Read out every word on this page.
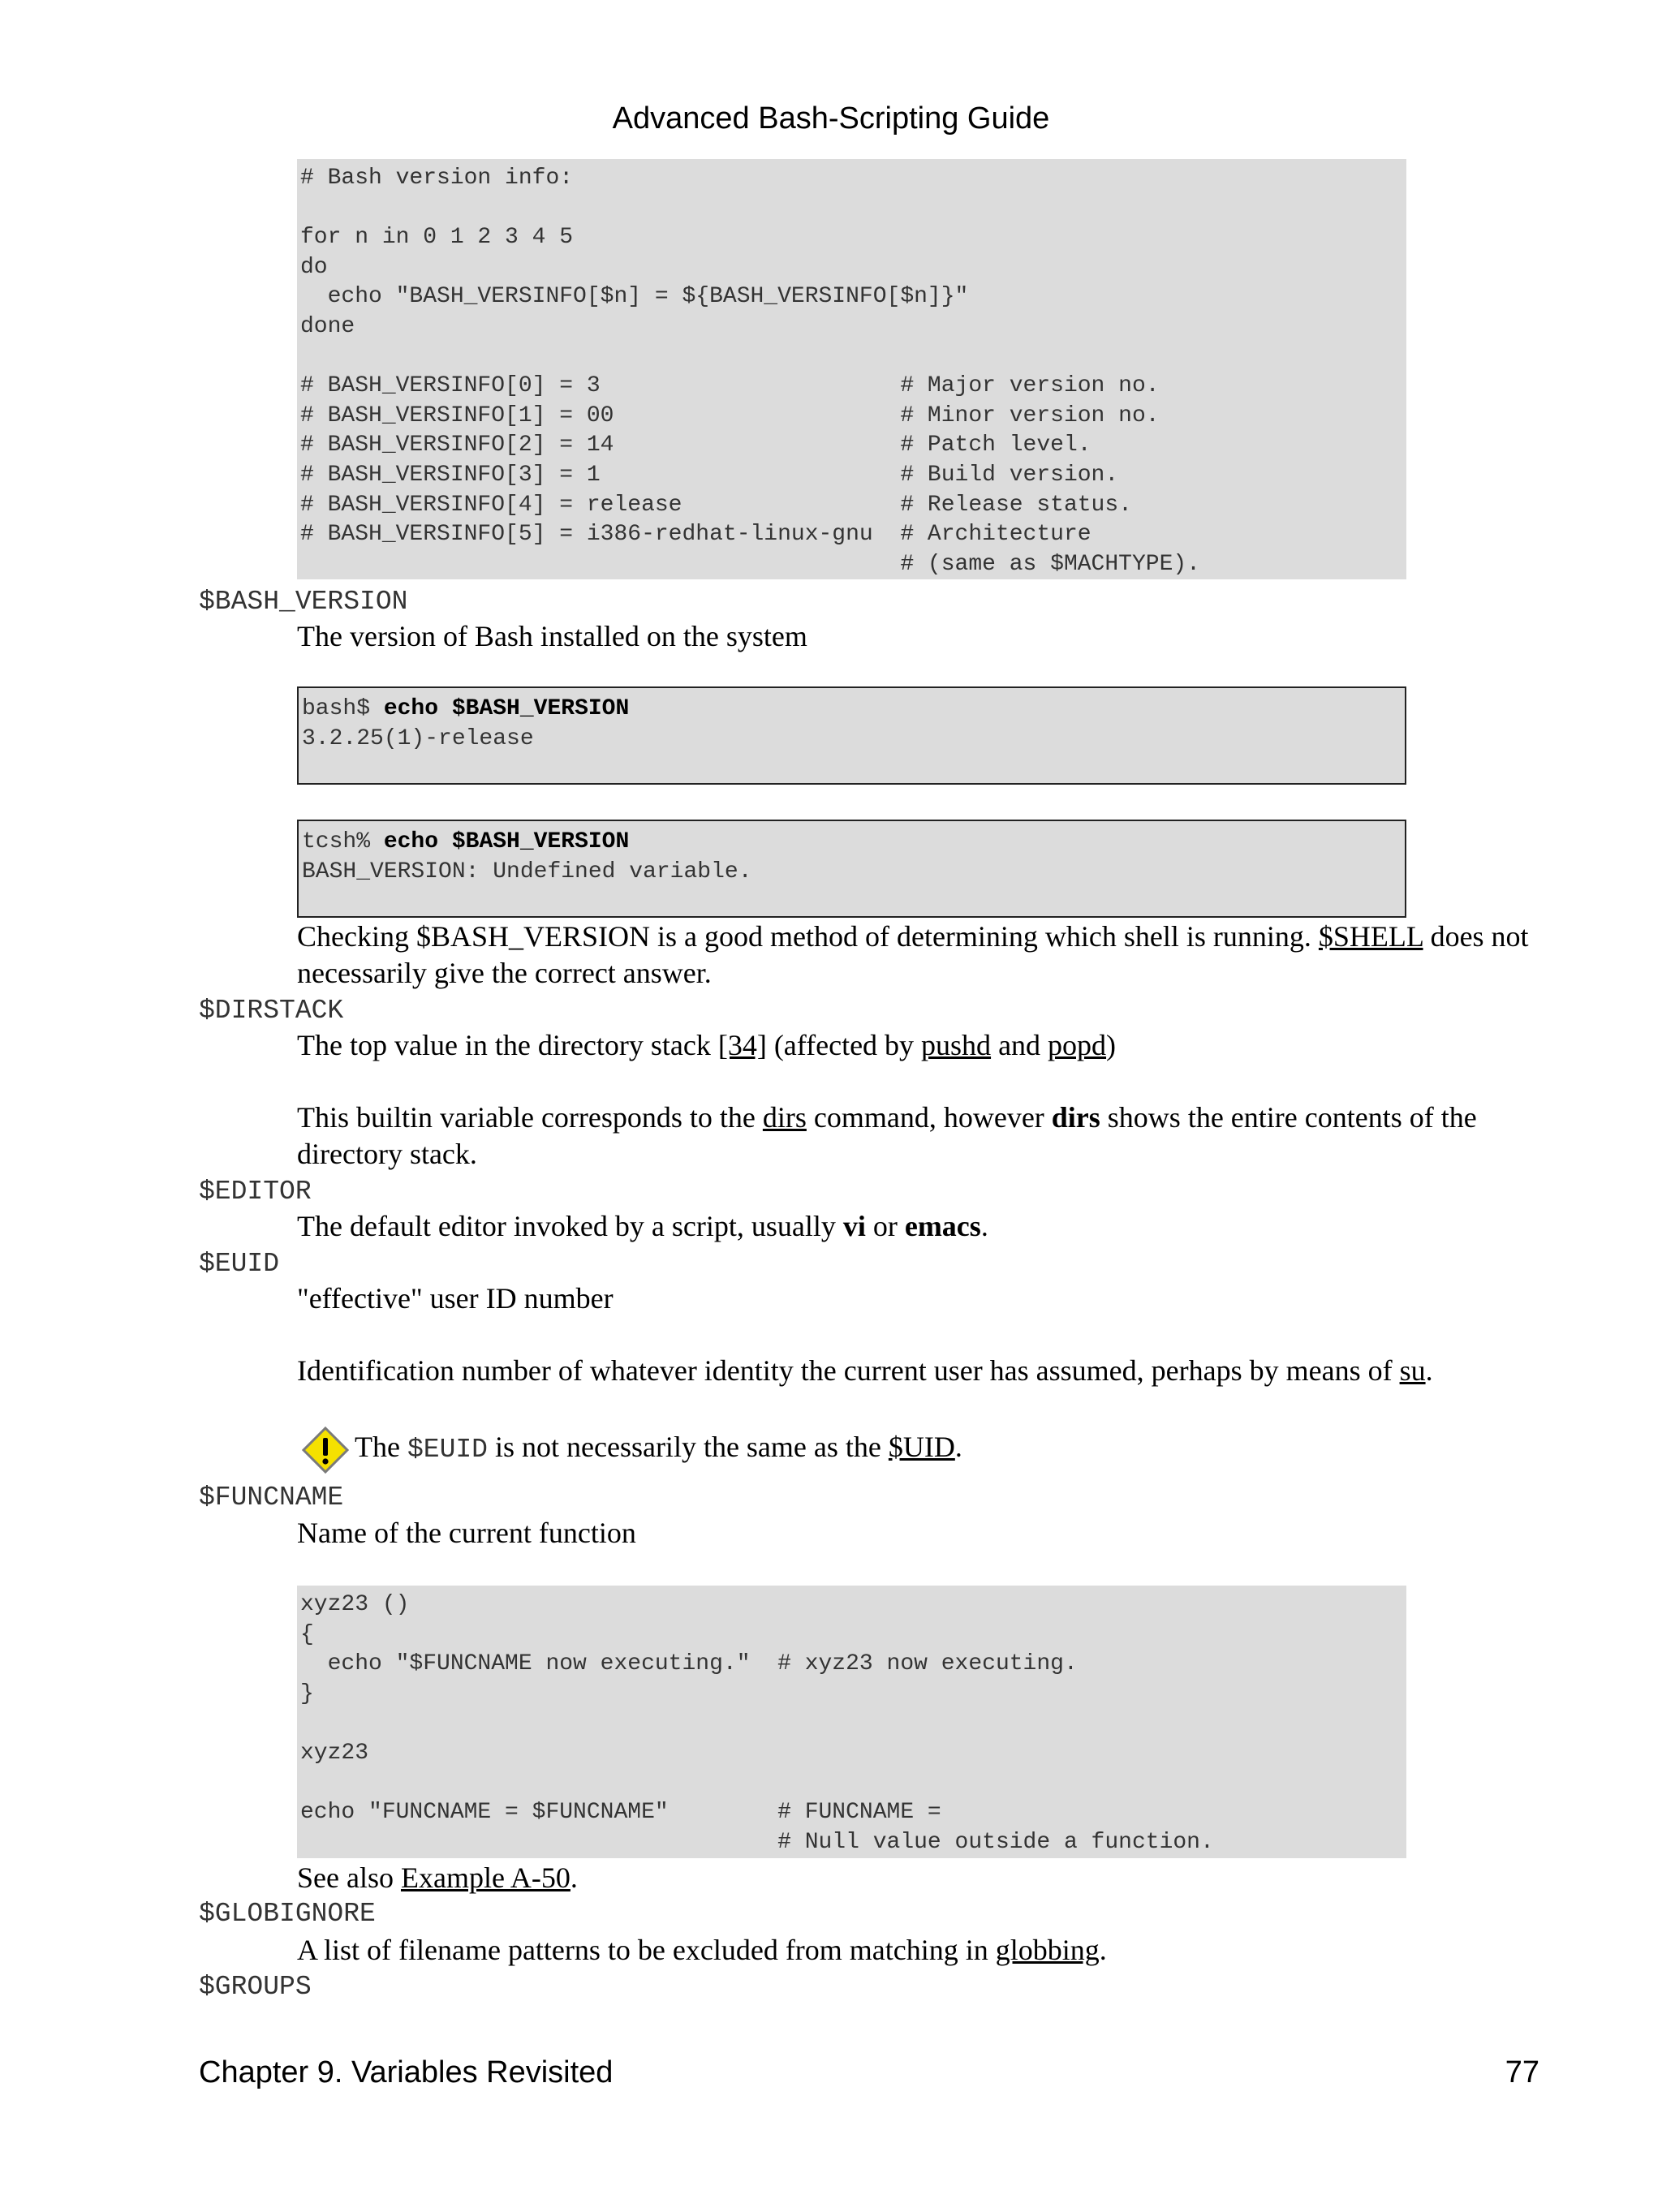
Advanced Bash-Scripting Guide
# Bash version info:

for n in 0 1 2 3 4 5
do
echo "BASH_VERSINFO[$n] = ${BASH_VERSINFO[$n]}"
done

# BASH_VERSINFO[0] = 3                      # Major version no.
# BASH_VERSINFO[1] = 00                     # Minor version no.
# BASH_VERSINFO[2] = 14                     # Patch level.
# BASH_VERSINFO[3] = 1                      # Build version.
# BASH_VERSINFO[4] = release                # Release status.
# BASH_VERSINFO[5] = i386-redhat-linux-gnu  # Architecture
# (same as $MACHTYPE).
$BASH_VERSION
The version of Bash installed on the system
bash$ echo $BASH_VERSION
3.2.25(1)-release
tcsh% echo $BASH_VERSION
BASH_VERSION: Undefined variable.
Checking $BASH_VERSION is a good method of determining which shell is running. $SHELL does not necessarily give the correct answer.
$DIRSTACK
The top value in the directory stack [34] (affected by pushd and popd)
This builtin variable corresponds to the dirs command, however dirs shows the entire contents of the directory stack.
$EDITOR
The default editor invoked by a script, usually vi or emacs.
$EUID
"effective" user ID number
Identification number of whatever identity the current user has assumed, perhaps by means of su.
The $EUID is not necessarily the same as the $UID.
$FUNCNAME
Name of the current function
xyz23 ()
{
echo "$FUNCNAME now executing."  # xyz23 now executing.
}

xyz23

echo "FUNCNAME = $FUNCNAME"        # FUNCNAME =
# Null value outside a function.
See also Example A-50.
$GLOBIGNORE
A list of filename patterns to be excluded from matching in globbing.
$GROUPS
Chapter 9. Variables Revisited	77
